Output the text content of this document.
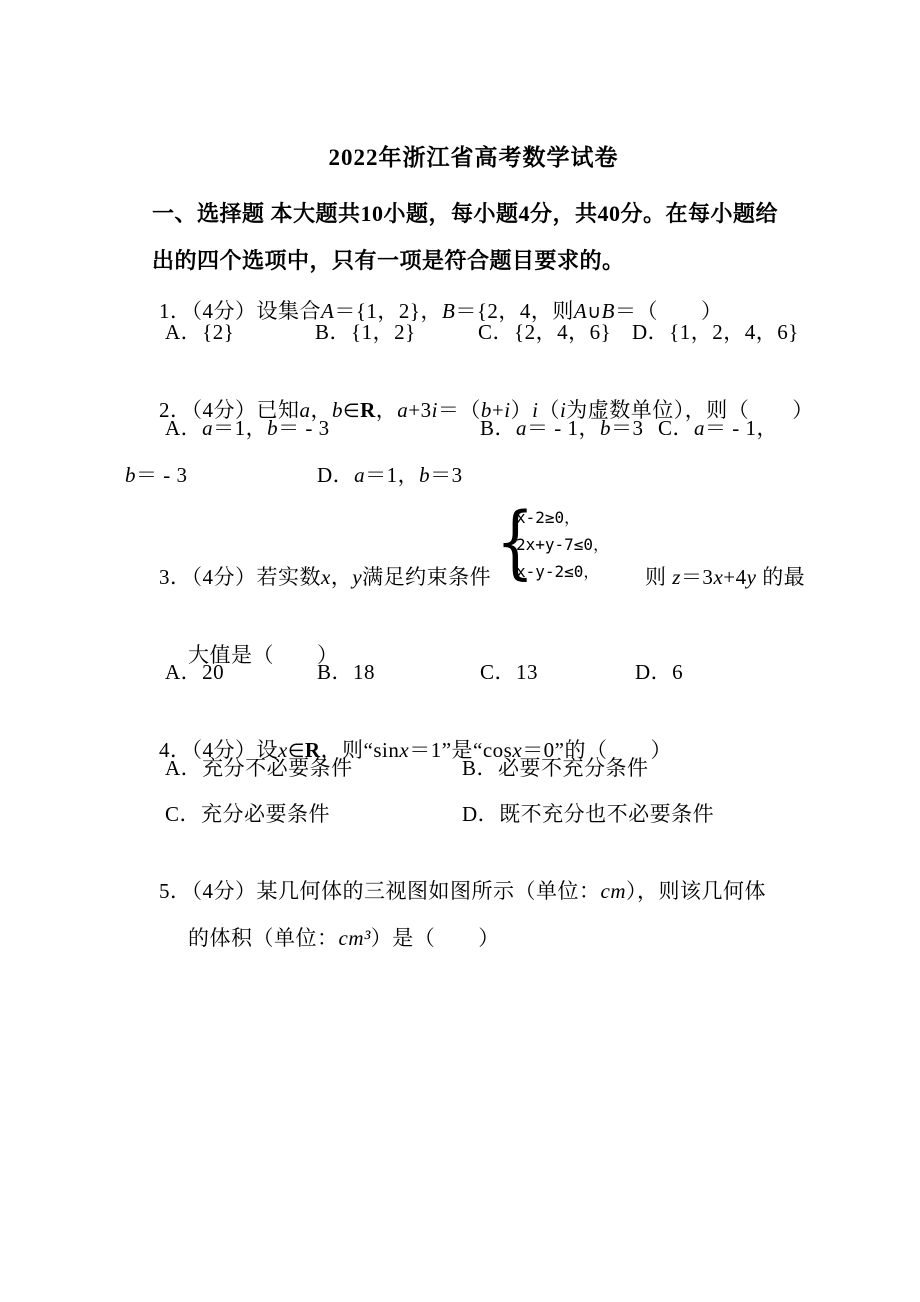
2022年浙江省高考数学试卷

一、选择题 本大题共10小题，每小题4分，共40分。在每小题给

出的四个选项中，只有一项是符合题目要求的。

1．（4分）设集合A＝{1，2}，B＝{2，4，则A∪B＝（　　）

A．{2}

	B．{1，2}

	C．{2，4，6}

D．{1，2，4，6}

2．（4分）已知a，b∈R，a+3i＝（b+i）i（i为虚数单位），则（　　）

A．a＝1，b＝ - 3

	B．a＝ - 1，b＝3

C．a＝ - 1，

b＝ - 3

	D．a＝1，b＝3

3．（4分）若实数x，y满足约束条件
{
x-2≥0，
2x+y-7≤0，
x-y-2≤0，	则 z＝3x+4y 的最

大值是（　　）

A．20

	B．18

	C．13

	D．6

4．（4分）设x∈R，则“sinx＝1”是“cosx＝0”的（　　）

A．充分不必要条件

	B．必要不充分条件

C．充分必要条件

	D．既不充分也不必要条件

5．（4分）某几何体的三视图如图所示（单位：cm），则该几何体

的体积（单位：cm³）是（　　）
